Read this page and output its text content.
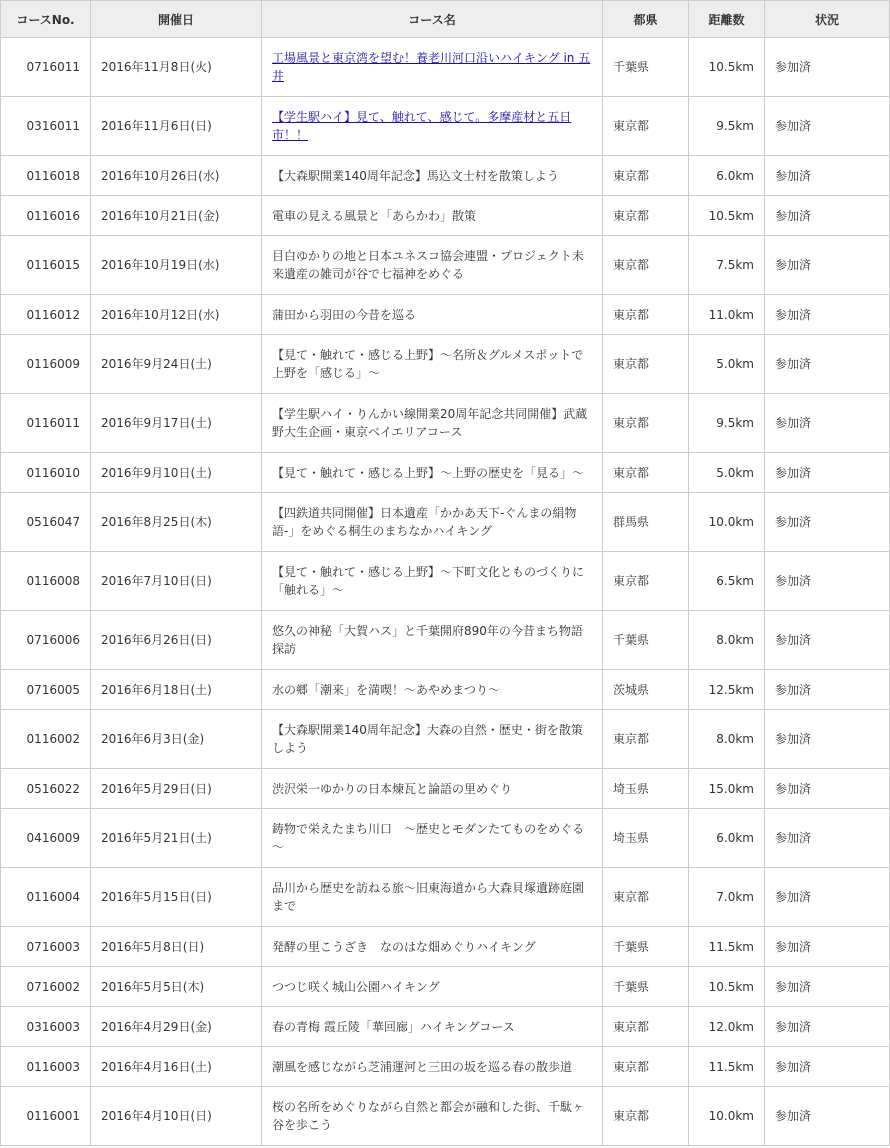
コースNo.	開催日	コース名	都県	距離数	状況
0716011	2016年11月8日(火)	工場風景と東京湾を望む！養老川河口沿いハイキング in 五井	千葉県	10.5km	参加済
0316011	2016年11月6日(日)	【学生駅ハイ】見て、触れて、感じて。多摩産材と五日市！！	東京都	9.5km	参加済
0116018	2016年10月26日(水)	【大森駅開業140周年記念】馬込文士村を散策しよう	東京都	6.0km	参加済
0116016	2016年10月21日(金)	電車の見える風景と「あらかわ」散策	東京都	10.5km	参加済
0116015	2016年10月19日(水)	目白ゆかりの地と日本ユネスコ協会連盟・プロジェクト未来遺産の雑司が谷で七福神をめぐる	東京都	7.5km	参加済
0116012	2016年10月12日(水)	蒲田から羽田の今昔を巡る	東京都	11.0km	参加済
0116009	2016年9月24日(土)	【見て・触れて・感じる上野】～名所＆グルメスポットで上野を「感じる」～	東京都	5.0km	参加済
0116011	2016年9月17日(土)	【学生駅ハイ・りんかい線開業20周年記念共同開催】武蔵野大生企画・東京ベイエリアコース	東京都	9.5km	参加済
0116010	2016年9月10日(土)	【見て・触れて・感じる上野】～上野の歴史を「見る」～	東京都	5.0km	参加済
0516047	2016年8月25日(木)	【四鉄道共同開催】日本遺産「かかあ天下-ぐんまの絹物語-」をめぐる桐生のまちなかハイキング	群馬県	10.0km	参加済
0116008	2016年7月10日(日)	【見て・触れて・感じる上野】～下町文化とものづくりに「触れる」～	東京都	6.5km	参加済
0716006	2016年6月26日(日)	悠久の神秘「大賀ハス」と千葉開府890年の今昔まち物語探訪	千葉県	8.0km	参加済
0716005	2016年6月18日(土)	水の郷「潮来」を満喫！～あやめまつり～	茨城県	12.5km	参加済
0116002	2016年6月3日(金)	【大森駅開業140周年記念】大森の自然・歴史・街を散策しよう	東京都	8.0km	参加済
0516022	2016年5月29日(日)	渋沢栄一ゆかりの日本煉瓦と論語の里めぐり	埼玉県	15.0km	参加済
0416009	2016年5月21日(土)	鋳物で栄えたまち川口　～歴史とモダンたてものをめぐる～	埼玉県	6.0km	参加済
0116004	2016年5月15日(日)	品川から歴史を訪ねる旅～旧東海道から大森貝塚遺跡庭園まで	東京都	7.0km	参加済
0716003	2016年5月8日(日)	発酵の里こうざき　なのはな畑めぐりハイキング	千葉県	11.5km	参加済
0716002	2016年5月5日(木)	つつじ咲く城山公園ハイキング	千葉県	10.5km	参加済
0316003	2016年4月29日(金)	春の青梅 霞丘陵「華回廊」ハイキングコース	東京都	12.0km	参加済
0116003	2016年4月16日(土)	潮風を感じながら芝浦運河と三田の坂を巡る春の散歩道	東京都	11.5km	参加済
0116001	2016年4月10日(日)	桜の名所をめぐりながら自然と都会が融和した街、千駄ヶ谷を歩こう	東京都	10.0km	参加済
